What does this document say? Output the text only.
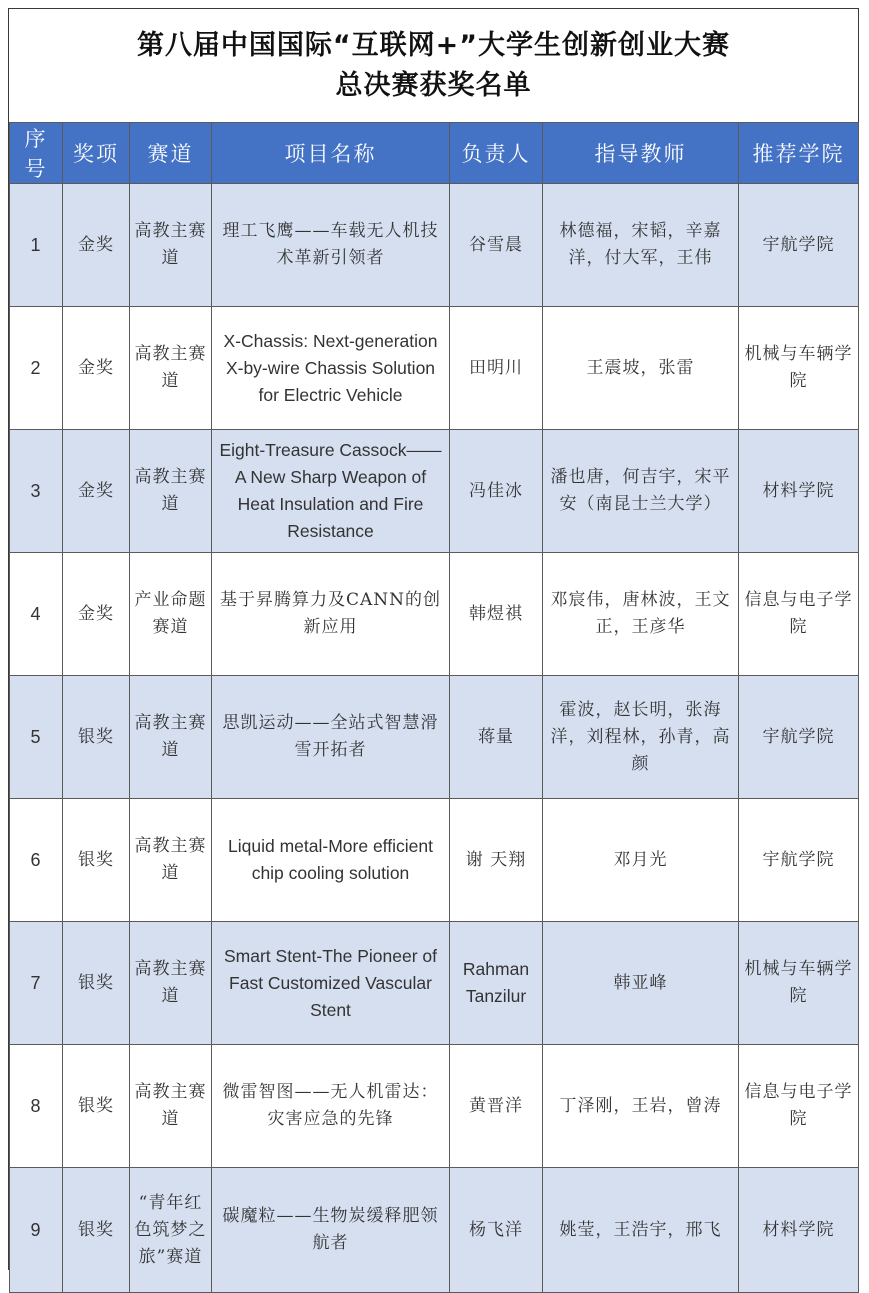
第八届中国国际“互联网+”大学生创新创业大赛
总决赛获奖名单
序号	奖项	赛道	项目名称	负责人	指导教师	推荐学院
1	金奖	高教主赛道	理工飞鹰——车载无人机技术革新引领者	谷雪晨	林德福，宋韬，辛嘉洋，付大军，王伟	宇航学院
2	金奖	高教主赛道	X-Chassis: Next-generation X-by-wire Chassis Solution for Electric Vehicle	田明川	王震坡，张雷	机械与车辆学院
3	金奖	高教主赛道	Eight-Treasure Cassock——A New Sharp Weapon of Heat Insulation and Fire Resistance	冯佳冰	潘也唐，何吉宇，宋平安（南昆士兰大学）	材料学院
4	金奖	产业命题赛道	基于昇腾算力及CANN的创新应用	韩煜祺	邓宸伟，唐林波，王文正，王彦华	信息与电子学院
5	银奖	高教主赛道	思凯运动——全站式智慧滑雪开拓者	蒋量	霍波，赵长明，张海洋，刘程林，孙青，高颜	宇航学院
6	银奖	高教主赛道	Liquid metal-More efficient chip cooling solution	谢 天翔	邓月光	宇航学院
7	银奖	高教主赛道	Smart Stent-The Pioneer of Fast Customized Vascular Stent	Rahman Tanzilur	韩亚峰	机械与车辆学院
8	银奖	高教主赛道	微雷智图——无人机雷达：灾害应急的先锋	黄晋洋	丁泽刚，王岩，曾涛	信息与电子学院
9	银奖	“青年红色筑梦之旅”赛道	碳魔粒——生物炭缓释肥领航者	杨飞洋	姚莹，王浩宇，邢飞	材料学院
